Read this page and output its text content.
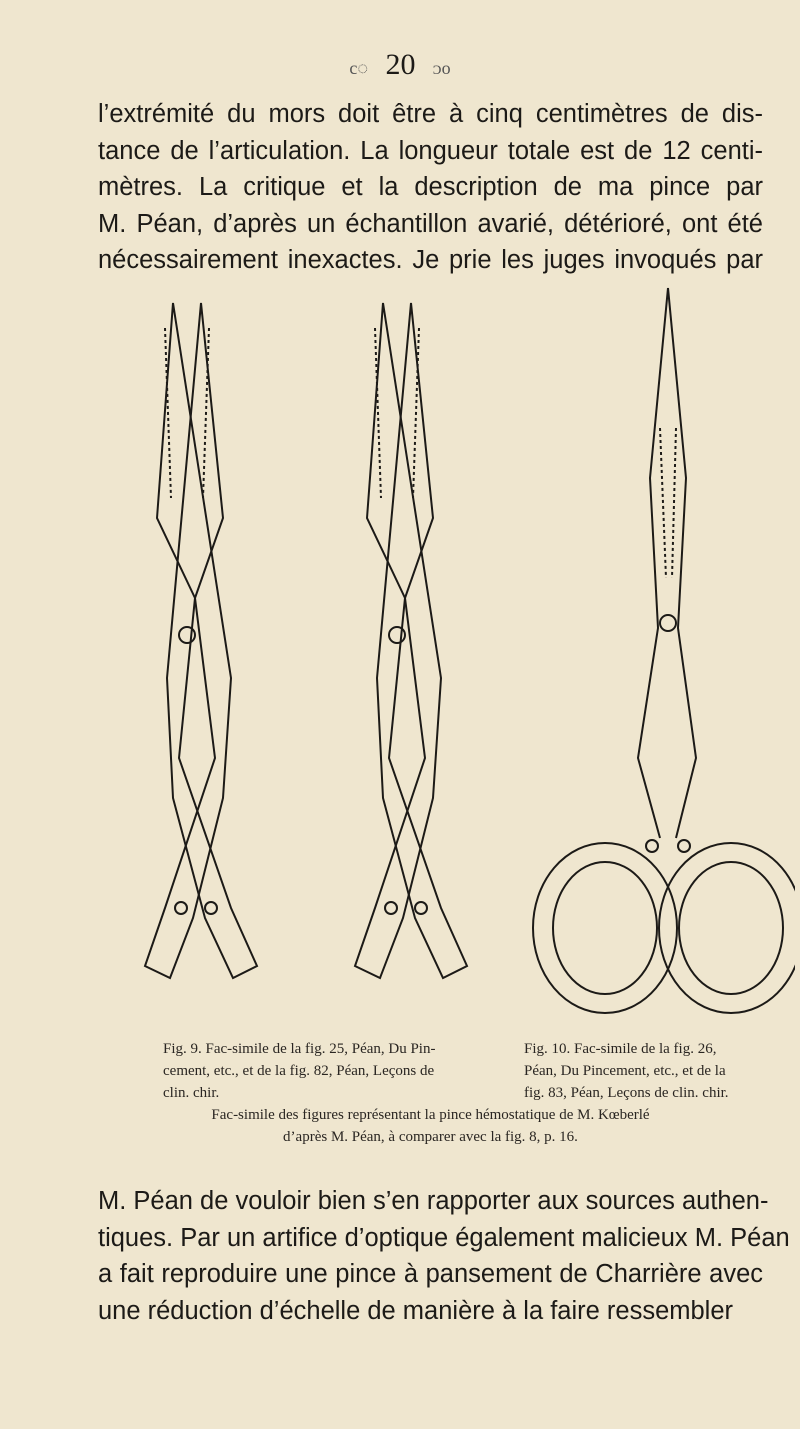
c◌ 20 ᴐo
l’extrémité du mors doit être à cinq centimètres de dis-
tance de l’articulation. La longueur totale est de 12 centi-
mètres. La critique et la description de ma pince par
M. Péan, d’après un échantillon avarié, détérioré, ont été
nécessairement inexactes. Je prie les juges invoqués par
Fig. 9. Fac-simile de la fig. 25, Péan, Du Pin-
cement, etc., et de la fig. 82, Péan, Leçons de
clin. chir.
Fig. 10. Fac-simile de la fig. 26,
Péan, Du Pincement, etc., et de la
fig. 83, Péan, Leçons de clin. chir.
Fac-simile des figures représentant la pince hémostatique de M. Kœberlé
d’après M. Péan, à comparer avec la fig. 8, p. 16.
M. Péan de vouloir bien s’en rapporter aux sources authen-
tiques. Par un artifice d’optique également malicieux M. Péan
a fait reproduire une pince à pansement de Charrière avec
une réduction d’échelle de manière à la faire ressembler
